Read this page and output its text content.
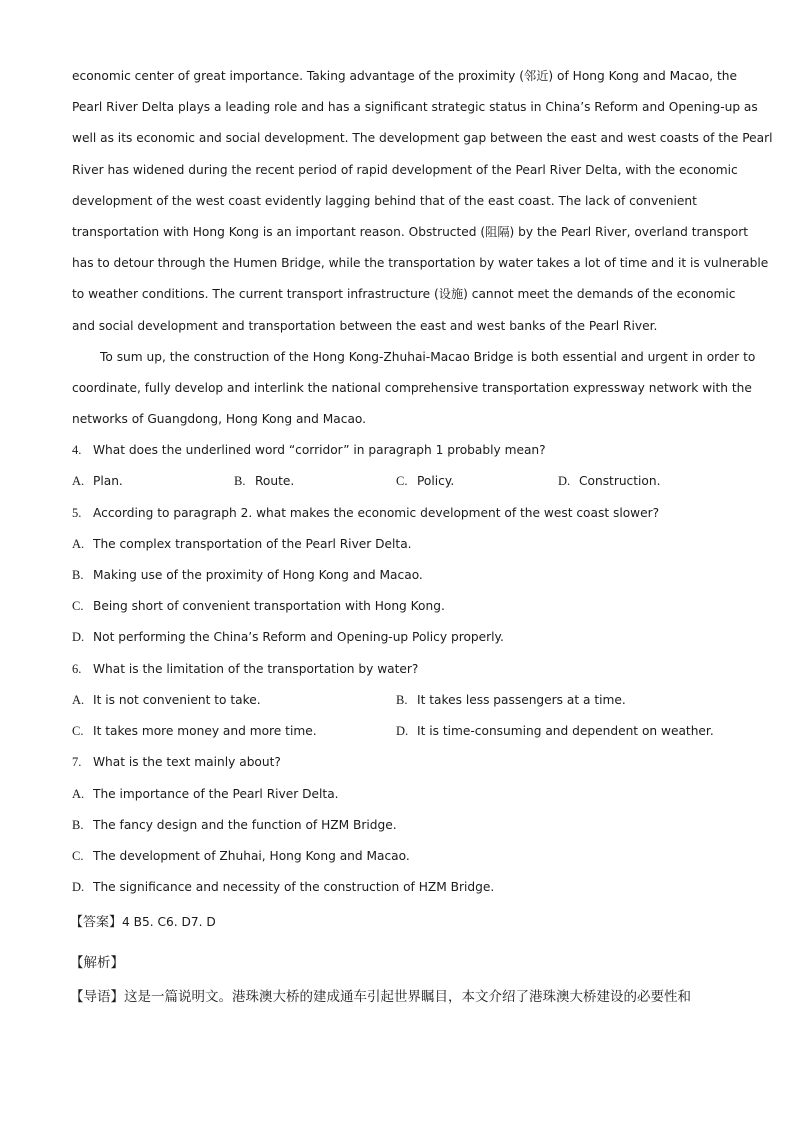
economic center of great importance. Taking advantage of the proximity (邻近) of Hong Kong and Macao, the
Pearl River Delta plays a leading role and has a significant strategic status in China’s Reform and Opening-up as
well as its economic and social development. The development gap between the east and west coasts of the Pearl
River has widened during the recent period of rapid development of the Pearl River Delta, with the economic
development of the west coast evidently lagging behind that of the east coast. The lack of convenient
transportation with Hong Kong is an important reason. Obstructed (阻隔) by the Pearl River, overland transport
has to detour through the Humen Bridge, while the transportation by water takes a lot of time and it is vulnerable
to weather conditions. The current transport infrastructure (设施) cannot meet the demands of the economic
and social development and transportation between the east and west banks of the Pearl River.
To sum up, the construction of the Hong Kong-Zhuhai-Macao Bridge is both essential and urgent in order to
coordinate, fully develop and interlink the national comprehensive transportation expressway network with the
networks of Guangdong, Hong Kong and Macao.
4. What does the underlined word “corridor” in paragraph 1 probably mean?
A. Plan.	B. Route.	C. Policy.	D. Construction.
5. According to paragraph 2. what makes the economic development of the west coast slower?
A. The complex transportation of the Pearl River Delta.
B. Making use of the proximity of Hong Kong and Macao.
C. Being short of convenient transportation with Hong Kong.
D. Not performing the China’s Reform and Opening-up Policy properly.
6. What is the limitation of the transportation by water?
A. It is not convenient to take.	B. It takes less passengers at a time.
C. It takes more money and more time.	D. It is time-consuming and dependent on weather.
7. What is the text mainly about?
A. The importance of the Pearl River Delta.
B. The fancy design and the function of HZM Bridge.
C. The development of Zhuhai, Hong Kong and Macao.
D. The significance and necessity of the construction of HZM Bridge.
【答案】4 B5. C6. D7. D
【解析】
【导语】这是一篇说明文。港珠澳大桥的建成通车引起世界瞩目，本文介绍了港珠澳大桥建设的必要性和
